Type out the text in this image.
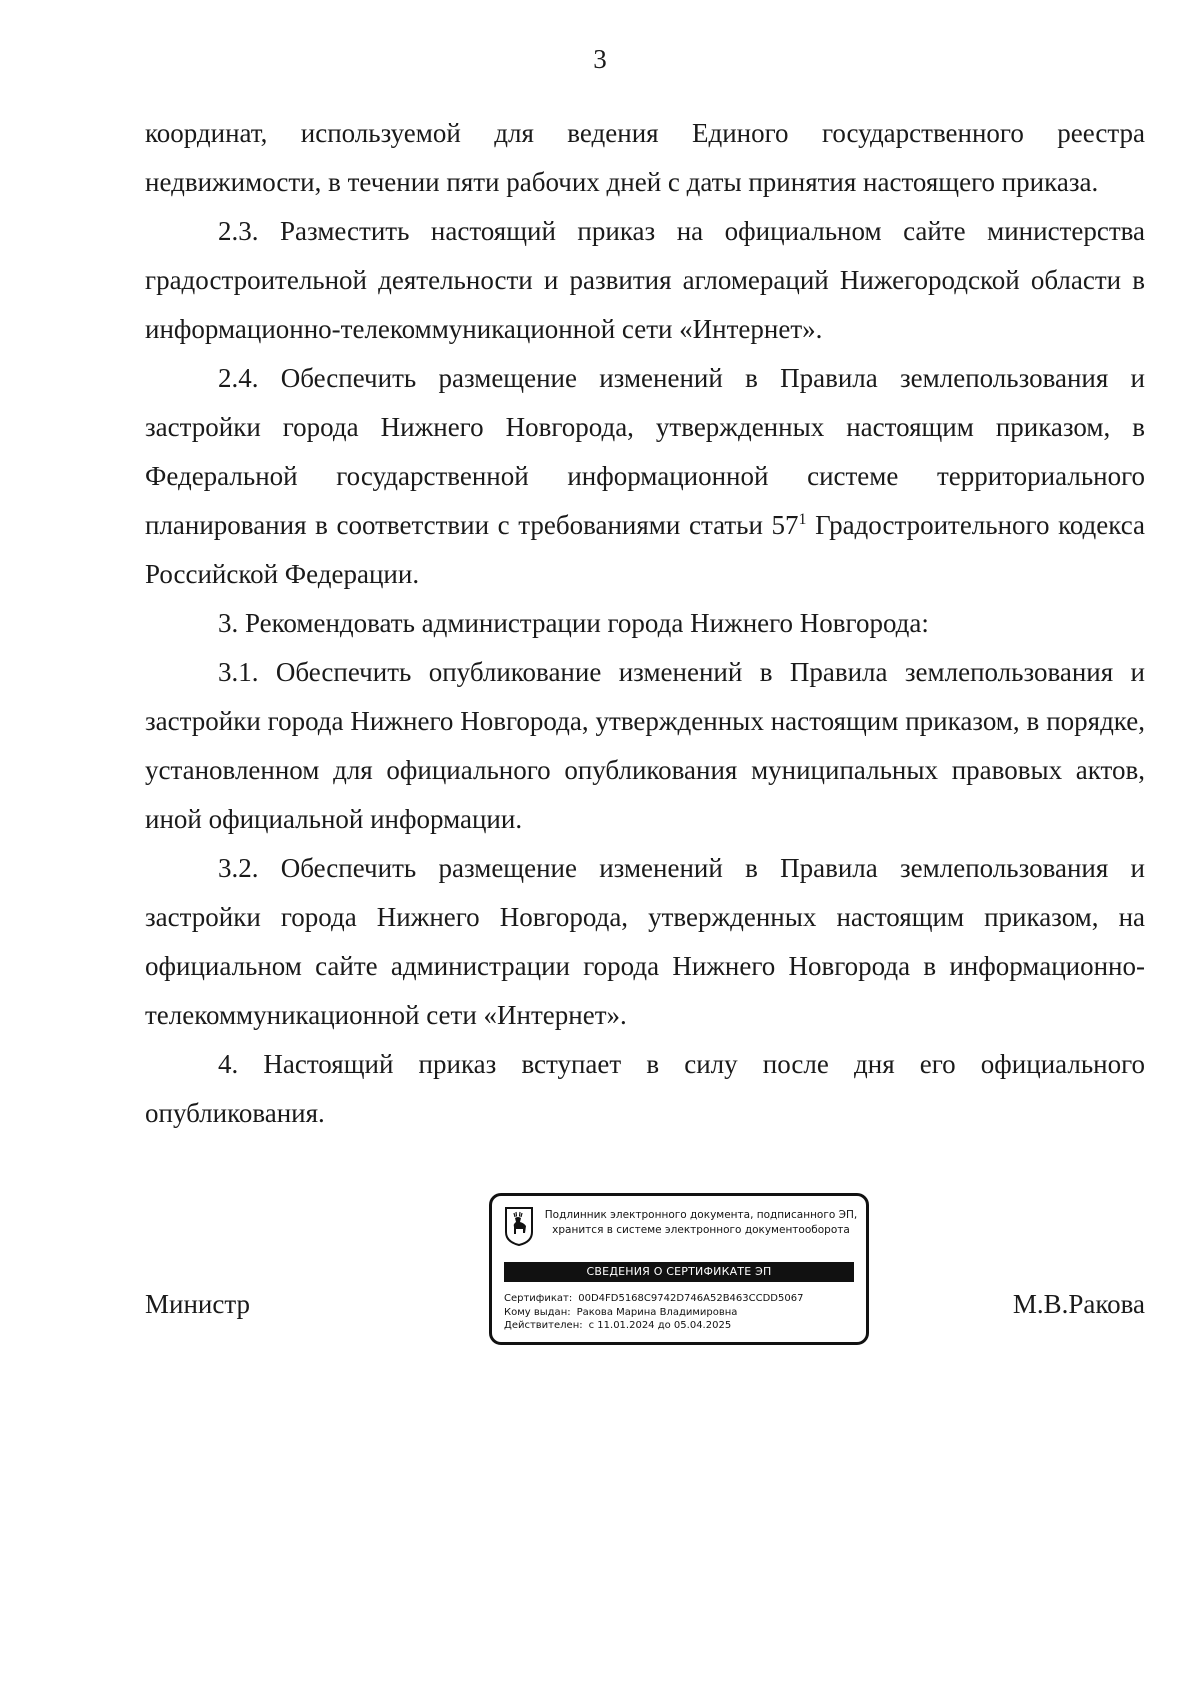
3

координат, используемой для ведения Единого государственного реестра недвижимости, в течении пяти рабочих дней с даты принятия настоящего приказа.

2.3. Разместить настоящий приказ на официальном сайте министерства градостроительной деятельности и развития агломераций Нижегородской области в информационно-телекоммуникационной сети «Интернет».

2.4. Обеспечить размещение изменений в Правила землепользования и застройки города Нижнего Новгорода, утвержденных настоящим приказом, в Федеральной государственной информационной системе территориального планирования в соответствии с требованиями статьи $57^1$ Градостроительного кодекса Российской Федерации.

3. Рекомендовать администрации города Нижнего Новгорода:

3.1. Обеспечить опубликование изменений в Правила землепользования и застройки города Нижнего Новгорода, утвержденных настоящим приказом, в порядке, установленном для официального опубликования муниципальных правовых актов, иной официальной информации.

3.2. Обеспечить размещение изменений в Правила землепользования и застройки города Нижнего Новгорода, утвержденных настоящим приказом, на официальном сайте администрации города Нижнего Новгорода в информационно-телекоммуникационной сети «Интернет».

4. Настоящий приказ вступает в силу после дня его официального опубликования.

Министр
Подлинник электронного документа, подписанного ЭП,
хранится в системе электронного документооборота
СВЕДЕНИЯ О СЕРТИФИКАТЕ ЭП
Сертификат: 00D4FD5168C9742D746A52B463CCDD5067
Кому выдан: Ракова Марина Владимировна
Действителен: с 11.01.2024 до 05.04.2025
М.В.Ракова
